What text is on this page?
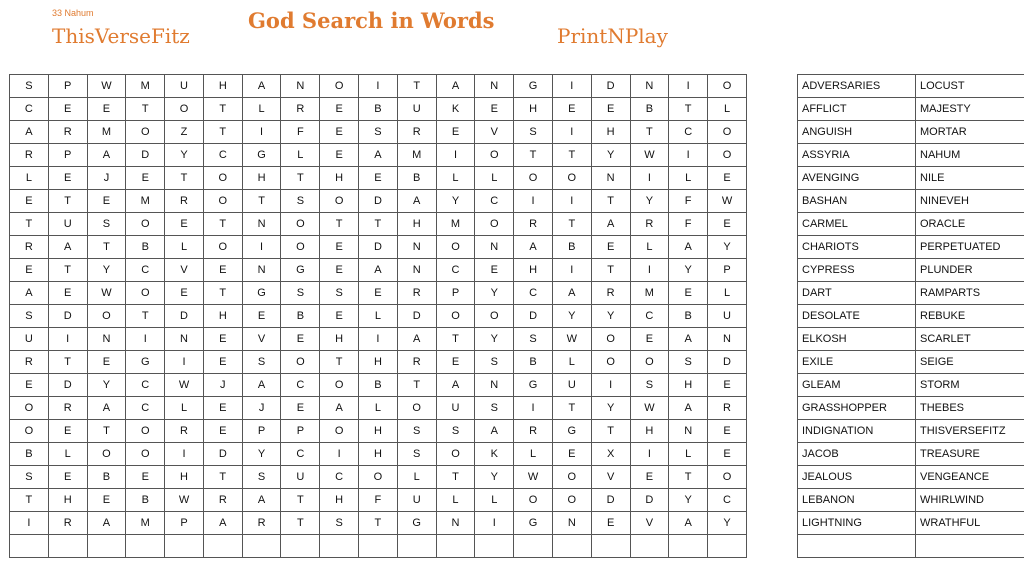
33 Nahum
ThisVerseFitz
God Search in Words
PrintNPlay
S	P	W	M	U	H	A	N	O	I	T	A	N	G	I	D	N	I	O
C	E	E	T	O	T	L	R	E	B	U	K	E	H	E	E	B	T	L
A	R	M	O	Z	T	I	F	E	S	R	E	V	S	I	H	T	C	O
R	P	A	D	Y	C	G	L	E	A	M	I	O	T	T	Y	W	I	O
L	E	J	E	T	O	H	T	H	E	B	L	L	O	O	N	I	L	E
E	T	E	M	R	O	T	S	O	D	A	Y	C	I	I	T	Y	F	W
T	U	S	O	E	T	N	O	T	T	H	M	O	R	T	A	R	F	E
R	A	T	B	L	O	I	O	E	D	N	O	N	A	B	E	L	A	Y
E	T	Y	C	V	E	N	G	E	A	N	C	E	H	I	T	I	Y	P
A	E	W	O	E	T	G	S	S	E	R	P	Y	C	A	R	M	E	L
S	D	O	T	D	H	E	B	E	L	D	O	O	D	Y	Y	C	B	U
U	I	N	I	N	E	V	E	H	I	A	T	Y	S	W	O	E	A	N
R	T	E	G	I	E	S	O	T	H	R	E	S	B	L	O	O	S	D
E	D	Y	C	W	J	A	C	O	B	T	A	N	G	U	I	S	H	E
O	R	A	C	L	E	J	E	A	L	O	U	S	I	T	Y	W	A	R
O	E	T	O	R	E	P	P	O	H	S	S	A	R	G	T	H	N	E
B	L	O	O	I	D	Y	C	I	H	S	O	K	L	E	X	I	L	E
S	E	B	E	H	T	S	U	C	O	L	T	Y	W	O	V	E	T	O
T	H	E	B	W	R	A	T	H	F	U	L	L	O	O	D	D	Y	C
I	R	A	M	P	A	R	T	S	T	G	N	I	G	N	E	V	A	Y

ADVERSARIES	LOCUST
AFFLICT	MAJESTY
ANGUISH	MORTAR
ASSYRIA	NAHUM
AVENGING	NILE
BASHAN	NINEVEH
CARMEL	ORACLE
CHARIOTS	PERPETUATED
CYPRESS	PLUNDER
DART	RAMPARTS
DESOLATE	REBUKE
ELKOSH	SCARLET
EXILE	SEIGE
GLEAM	STORM
GRASSHOPPER	THEBES
INDIGNATION	THISVERSEFITZ
JACOB	TREASURE
JEALOUS	VENGEANCE
LEBANON	WHIRLWIND
LIGHTNING	WRATHFUL
